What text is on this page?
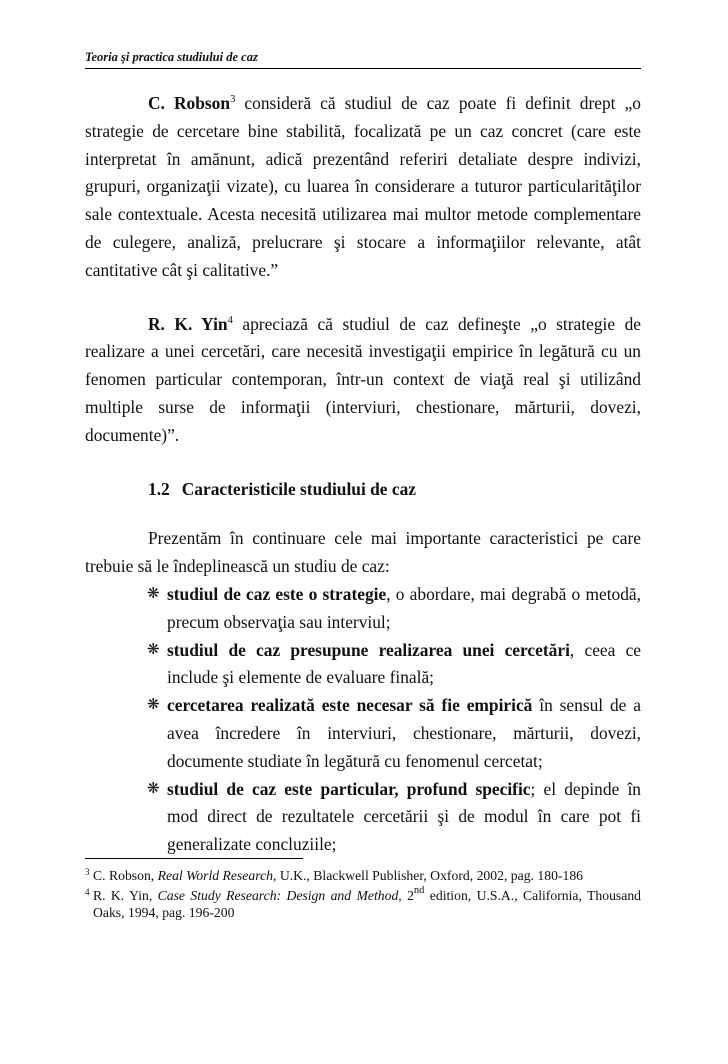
Teoria şi practica studiului de caz

C. Robson$^3$ consideră că studiul de caz poate fi definit drept „o strategie de cercetare bine stabilită, focalizată pe un caz concret (care este interpretat în amănunt, adică prezentând referiri detaliate despre indivizi, grupuri, organizaţii vizate), cu luarea în considerare a tuturor particularităţilor sale contextuale. Acesta necesită utilizarea mai multor metode complementare de culegere, analiză, prelucrare şi stocare a informaţiilor relevante, atât cantitative cât şi calitative.”

R. K. Yin$^4$ apreciază că studiul de caz defineşte „o strategie de realizare a unei cercetări, care necesită investigaţii empirice în legătură cu un fenomen particular contemporan, într-un context de viaţă real şi utilizând multiple surse de informaţii (interviuri, chestionare, mărturii, dovezi, documente)”.

1.2 Caracteristicile studiului de caz

Prezentăm în continuare cele mai importante caracteristici pe care trebuie să le îndeplinească un studiu de caz:

❋ studiul de caz este o strategie, o abordare, mai degrabă o metodă, precum observaţia sau interviul;
❋ studiul de caz presupune realizarea unei cercetări, ceea ce include şi elemente de evaluare finală;
❋ cercetarea realizată este necesar să fie empirică în sensul de a avea încredere în interviuri, chestionare, mărturii, dovezi, documente studiate în legătură cu fenomenul cercetat;
❋ studiul de caz este particular, profund specific; el depinde în mod direct de rezultatele cercetării şi de modul în care pot fi generalizate concluziile;
3 C. Robson, Real World Research, U.K., Blackwell Publisher, Oxford, 2002, pag. 180-186
4 R. K. Yin, Case Study Research: Design and Method, 2nd edition, U.S.A., California, Thousand Oaks, 1994, pag. 196-200
